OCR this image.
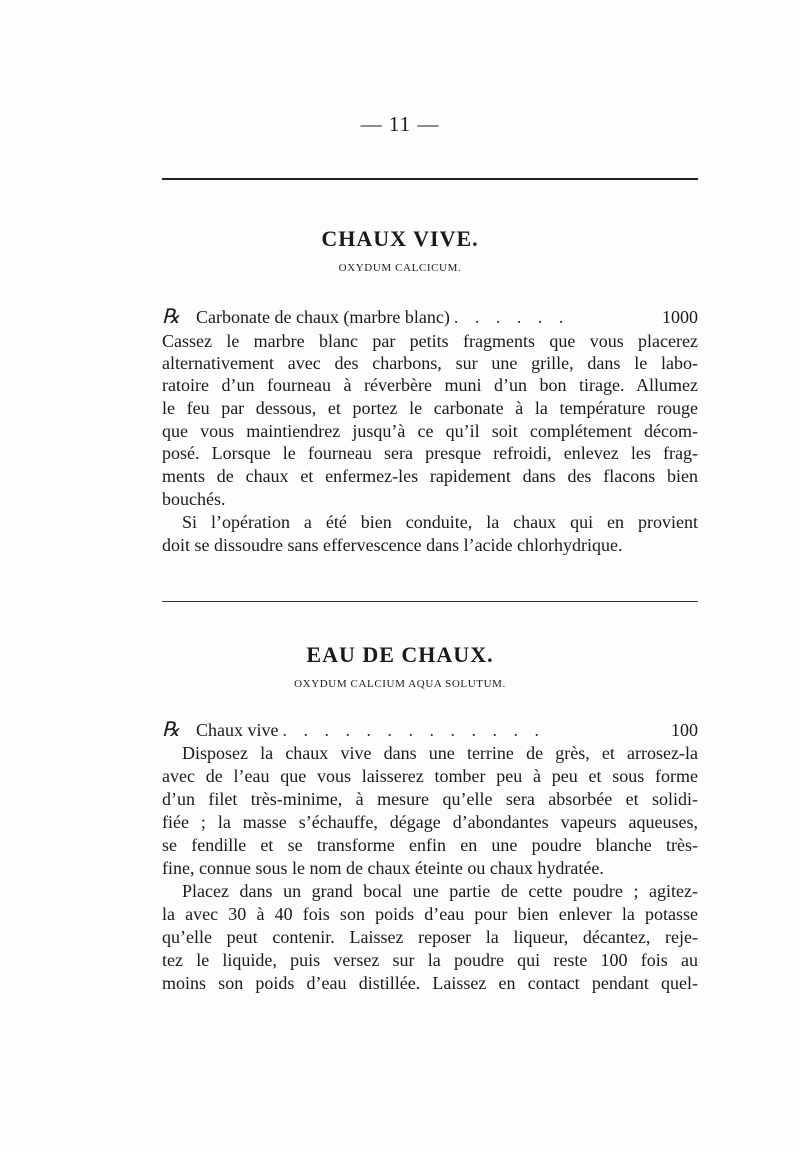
— 11 —
CHAUX VIVE.
OXYDUM CALCICUM.
℞ Carbonate de chaux (marbre blanc) . . . . . .	1000
Cassez le marbre blanc par petits fragments que vous placerez
alternativement avec des charbons, sur une grille, dans le labo-
ratoire d’un fourneau à réverbère muni d’un bon tirage. Allumez
le feu par dessous, et portez le carbonate à la température rouge
que vous maintiendrez jusqu’à ce qu’il soit complétement décom-
posé. Lorsque le fourneau sera presque refroidi, enlevez les frag-
ments de chaux et enfermez-les rapidement dans des flacons bien
bouchés.
Si l’opération a été bien conduite, la chaux qui en provient
doit se dissoudre sans effervescence dans l’acide chlorhydrique.
EAU DE CHAUX.
OXYDUM CALCIUM AQUA SOLUTUM.
℞ Chaux vive . . . . . . . . . . . . .	100
Disposez la chaux vive dans une terrine de grès, et arrosez-la
avec de l’eau que vous laisserez tomber peu à peu et sous forme
d’un filet très-minime, à mesure qu’elle sera absorbée et solidi-
fiée ; la masse s’échauffe, dégage d’abondantes vapeurs aqueuses,
se fendille et se transforme enfin en une poudre blanche très-
fine, connue sous le nom de chaux éteinte ou chaux hydratée.
Placez dans un grand bocal une partie de cette poudre ; agitez-
la avec 30 à 40 fois son poids d’eau pour bien enlever la potasse
qu’elle peut contenir. Laissez reposer la liqueur, décantez, reje-
tez le liquide, puis versez sur la poudre qui reste 100 fois au
moins son poids d’eau distillée. Laissez en contact pendant quel-
